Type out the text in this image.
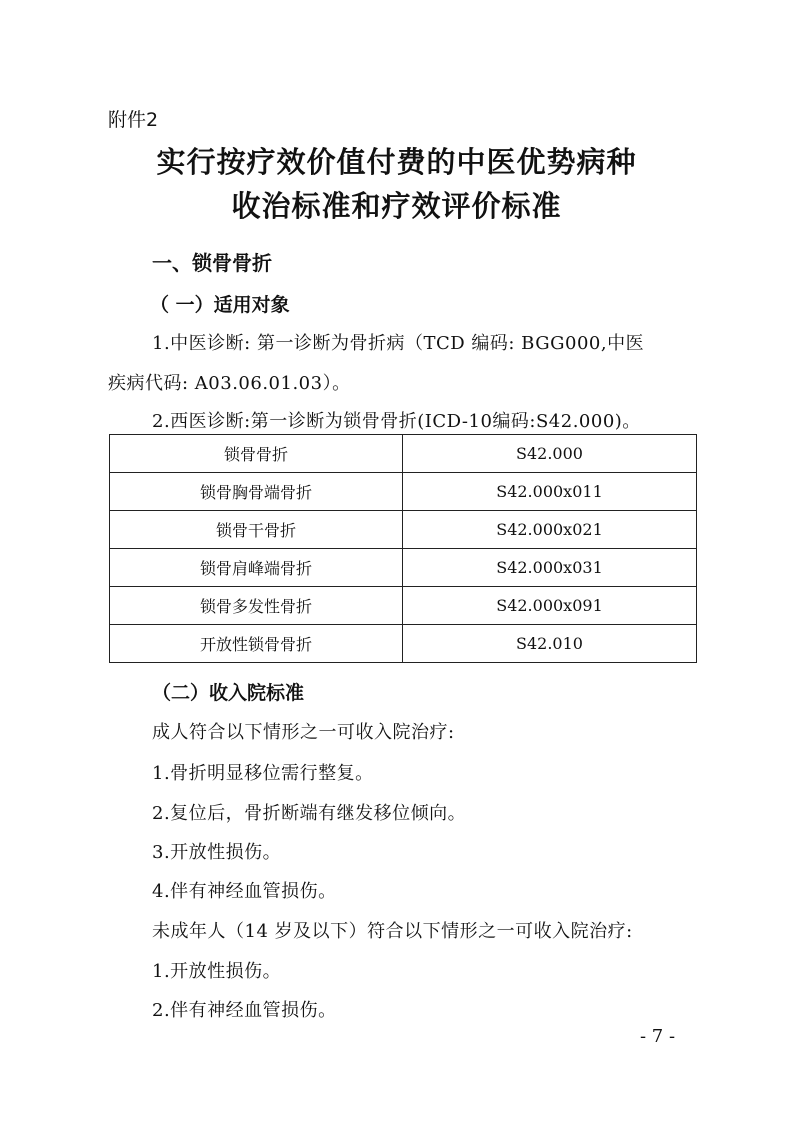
附件2
实行按疗效价值付费的中医优势病种
收治标准和疗效评价标准
一、锁骨骨折
（ 一）适用对象
1.中医诊断: 第一诊断为骨折病（TCD 编码: BGG000,中医
疾病代码: A03.06.01.03）。
2.西医诊断:第一诊断为锁骨骨折(ICD-10编码:S42.000)。
锁骨骨折	S42.000
锁骨胸骨端骨折	S42.000x011
锁骨干骨折	S42.000x021
锁骨肩峰端骨折	S42.000x031
锁骨多发性骨折	S42.000x091
开放性锁骨骨折	S42.010
（二）收入院标准
成人符合以下情形之一可收入院治疗:
1.骨折明显移位需行整复。
2.复位后，骨折断端有继发移位倾向。
3.开放性损伤。
4.伴有神经血管损伤。
未成年人（14 岁及以下）符合以下情形之一可收入院治疗:
1.开放性损伤。
2.伴有神经血管损伤。
- 7 -
